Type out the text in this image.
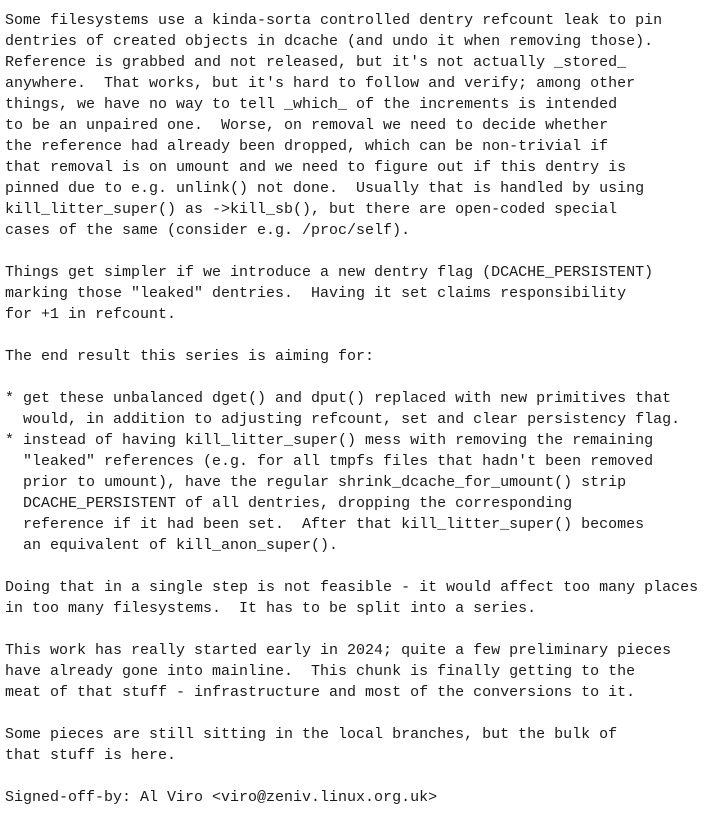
Some filesystems use a kinda-sorta controlled dentry refcount leak to pin
dentries of created objects in dcache (and undo it when removing those).
Reference is grabbed and not released, but it's not actually _stored_
anywhere.  That works, but it's hard to follow and verify; among other
things, we have no way to tell _which_ of the increments is intended
to be an unpaired one.  Worse, on removal we need to decide whether
the reference had already been dropped, which can be non-trivial if
that removal is on umount and we need to figure out if this dentry is
pinned due to e.g. unlink() not done.  Usually that is handled by using
kill_litter_super() as ->kill_sb(), but there are open-coded special
cases of the same (consider e.g. /proc/self).
Things get simpler if we introduce a new dentry flag (DCACHE_PERSISTENT)
marking those "leaked" dentries.  Having it set claims responsibility
for +1 in refcount.
The end result this series is aiming for:
* get these unbalanced dget() and dput() replaced with new primitives that
would, in addition to adjusting refcount, set and clear persistency flag.
* instead of having kill_litter_super() mess with removing the remaining
"leaked" references (e.g. for all tmpfs files that hadn't been removed
prior to umount), have the regular shrink_dcache_for_umount() strip
DCACHE_PERSISTENT of all dentries, dropping the corresponding
reference if it had been set.  After that kill_litter_super() becomes
an equivalent of kill_anon_super().
Doing that in a single step is not feasible - it would affect too many places
in too many filesystems.  It has to be split into a series.
This work has really started early in 2024; quite a few preliminary pieces
have already gone into mainline.  This chunk is finally getting to the
meat of that stuff - infrastructure and most of the conversions to it.
Some pieces are still sitting in the local branches, but the bulk of
that stuff is here.
Signed-off-by: Al Viro <viro@zeniv.linux.org.uk>
